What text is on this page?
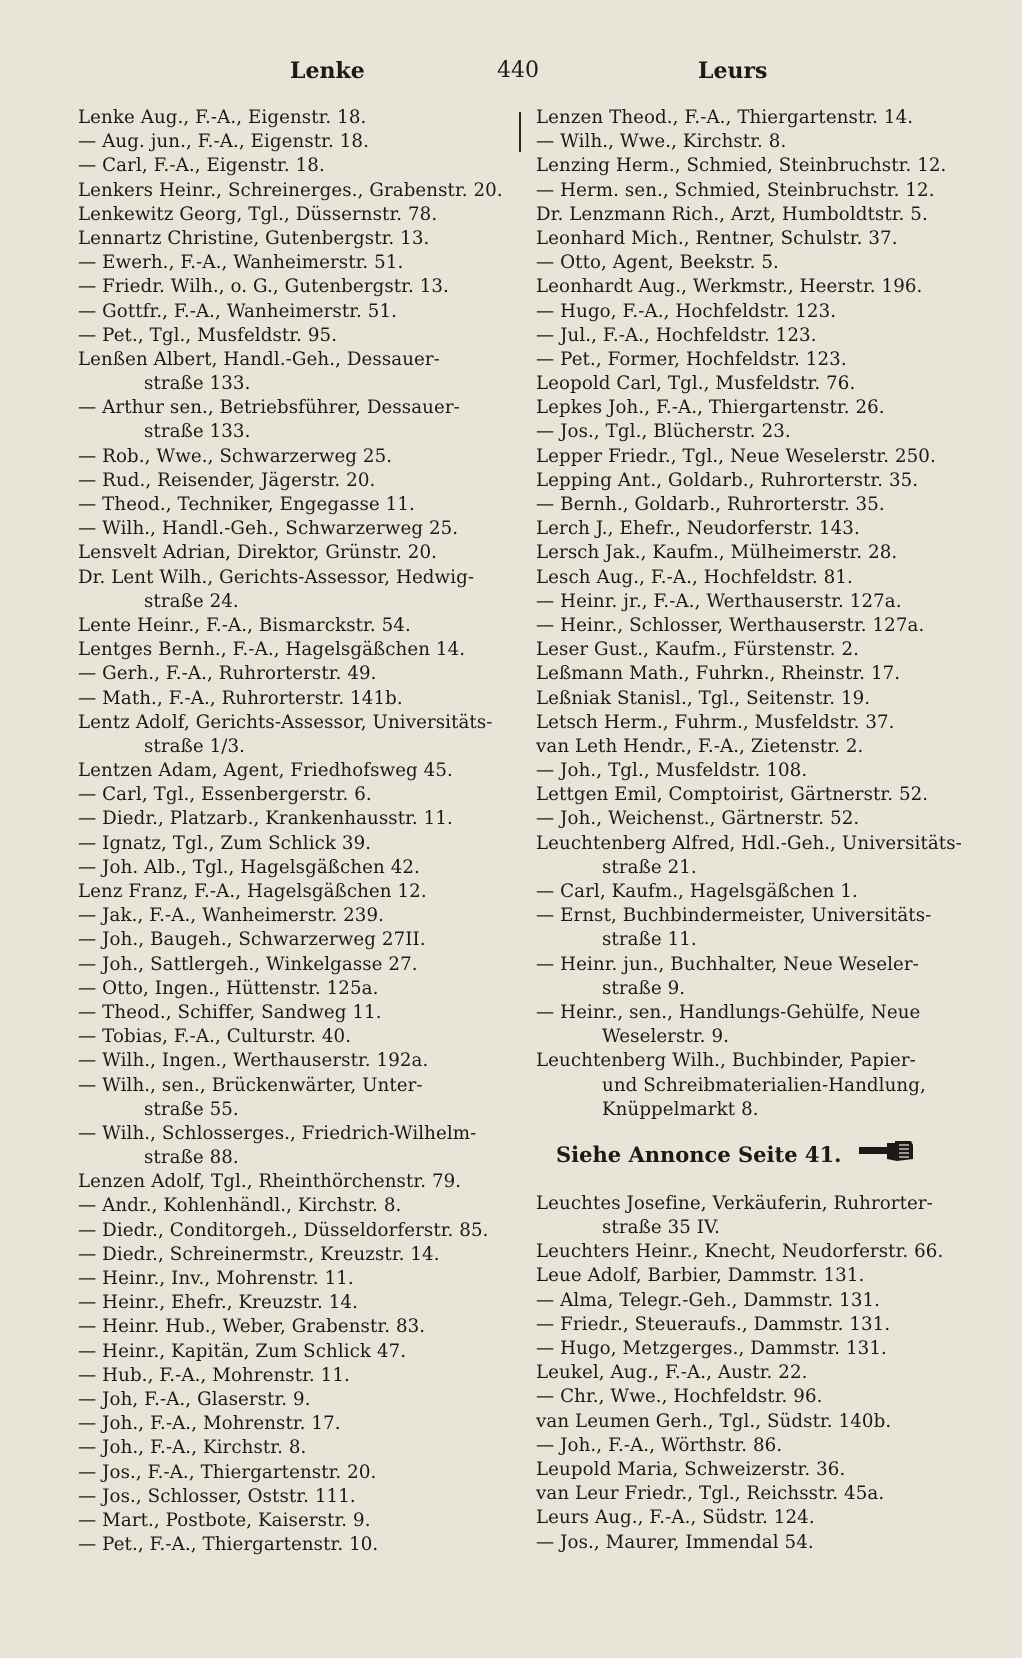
Lenke	440	Leurs
Lenke Aug., F.-A., Eigenstr. 18.
— Aug. jun., F.-A., Eigenstr. 18.
— Carl, F.-A., Eigenstr. 18.
Lenkers Heinr., Schreinerges., Grabenstr. 20.
Lenkewitz Georg, Tgl., Düssernstr. 78.
Lennartz Christine, Gutenbergstr. 13.
— Ewerh., F.-A., Wanheimerstr. 51.
— Friedr. Wilh., o. G., Gutenbergstr. 13.
— Gottfr., F.-A., Wanheimerstr. 51.
— Pet., Tgl., Musfeldstr. 95.
Lenßen Albert, Handl.-Geh., Dessauer-
straße 133.
— Arthur sen., Betriebsführer, Dessauer-
straße 133.
— Rob., Wwe., Schwarzerweg 25.
— Rud., Reisender, Jägerstr. 20.
— Theod., Techniker, Engegasse 11.
— Wilh., Handl.-Geh., Schwarzerweg 25.
Lensvelt Adrian, Direktor, Grünstr. 20.
Dr. Lent Wilh., Gerichts-Assessor, Hedwig-
straße 24.
Lente Heinr., F.-A., Bismarckstr. 54.
Lentges Bernh., F.-A., Hagelsgäßchen 14.
— Gerh., F.-A., Ruhrorterstr. 49.
— Math., F.-A., Ruhrorterstr. 141b.
Lentz Adolf, Gerichts-Assessor, Universitäts-
straße 1/3.
Lentzen Adam, Agent, Friedhofsweg 45.
— Carl, Tgl., Essenbergerstr. 6.
— Diedr., Platzarb., Krankenhausstr. 11.
— Ignatz, Tgl., Zum Schlick 39.
— Joh. Alb., Tgl., Hagelsgäßchen 42.
Lenz Franz, F.-A., Hagelsgäßchen 12.
— Jak., F.-A., Wanheimerstr. 239.
— Joh., Baugeh., Schwarzerweg 27II.
— Joh., Sattlergeh., Winkelgasse 27.
— Otto, Ingen., Hüttenstr. 125a.
— Theod., Schiffer, Sandweg 11.
— Tobias, F.-A., Culturstr. 40.
— Wilh., Ingen., Werthauserstr. 192a.
— Wilh., sen., Brückenwärter, Unter-
straße 55.
— Wilh., Schlosserges., Friedrich-Wilhelm-
straße 88.
Lenzen Adolf, Tgl., Rheinthörchenstr. 79.
— Andr., Kohlenhändl., Kirchstr. 8.
— Diedr., Conditorgeh., Düsseldorferstr. 85.
— Diedr., Schreinermstr., Kreuzstr. 14.
— Heinr., Inv., Mohrenstr. 11.
— Heinr., Ehefr., Kreuzstr. 14.
— Heinr. Hub., Weber, Grabenstr. 83.
— Heinr., Kapitän, Zum Schlick 47.
— Hub., F.-A., Mohrenstr. 11.
— Joh, F.-A., Glaserstr. 9.
— Joh., F.-A., Mohrenstr. 17.
— Joh., F.-A., Kirchstr. 8.
— Jos., F.-A., Thiergartenstr. 20.
— Jos., Schlosser, Oststr. 111.
— Mart., Postbote, Kaiserstr. 9.
— Pet., F.-A., Thiergartenstr. 10.
Lenzen Theod., F.-A., Thiergartenstr. 14.
— Wilh., Wwe., Kirchstr. 8.
Lenzing Herm., Schmied, Steinbruchstr. 12.
— Herm. sen., Schmied, Steinbruchstr. 12.
Dr. Lenzmann Rich., Arzt, Humboldtstr. 5.
Leonhard Mich., Rentner, Schulstr. 37.
— Otto, Agent, Beekstr. 5.
Leonhardt Aug., Werkmstr., Heerstr. 196.
— Hugo, F.-A., Hochfeldstr. 123.
— Jul., F.-A., Hochfeldstr. 123.
— Pet., Former, Hochfeldstr. 123.
Leopold Carl, Tgl., Musfeldstr. 76.
Lepkes Joh., F.-A., Thiergartenstr. 26.
— Jos., Tgl., Blücherstr. 23.
Lepper Friedr., Tgl., Neue Weselerstr. 250.
Lepping Ant., Goldarb., Ruhrorterstr. 35.
— Bernh., Goldarb., Ruhrorterstr. 35.
Lerch J., Ehefr., Neudorferstr. 143.
Lersch Jak., Kaufm., Mülheimerstr. 28.
Lesch Aug., F.-A., Hochfeldstr. 81.
— Heinr. jr., F.-A., Werthauserstr. 127a.
— Heinr., Schlosser, Werthauserstr. 127a.
Leser Gust., Kaufm., Fürstenstr. 2.
Leßmann Math., Fuhrkn., Rheinstr. 17.
Leßniak Stanisl., Tgl., Seitenstr. 19.
Letsch Herm., Fuhrm., Musfeldstr. 37.
van Leth Hendr., F.-A., Zietenstr. 2.
— Joh., Tgl., Musfeldstr. 108.
Lettgen Emil, Comptoirist, Gärtnerstr. 52.
— Joh., Weichenst., Gärtnerstr. 52.
Leuchtenberg Alfred, Hdl.-Geh., Universitäts-
straße 21.
— Carl, Kaufm., Hagelsgäßchen 1.
— Ernst, Buchbindermeister, Universitäts-
straße 11.
— Heinr. jun., Buchhalter, Neue Weseler-
straße 9.
— Heinr., sen., Handlungs-Gehülfe, Neue
Weselerstr. 9.
Leuchtenberg Wilh., Buchbinder, Papier-
und Schreibmaterialien-Handlung,
Knüppelmarkt 8.
Siehe Annonce Seite 41.
Leuchtes Josefine, Verkäuferin, Ruhrorter-
straße 35 IV.
Leuchters Heinr., Knecht, Neudorferstr. 66.
Leue Adolf, Barbier, Dammstr. 131.
— Alma, Telegr.-Geh., Dammstr. 131.
— Friedr., Steueraufs., Dammstr. 131.
— Hugo, Metzgerges., Dammstr. 131.
Leukel, Aug., F.-A., Austr. 22.
— Chr., Wwe., Hochfeldstr. 96.
van Leumen Gerh., Tgl., Südstr. 140b.
— Joh., F.-A., Wörthstr. 86.
Leupold Maria, Schweizerstr. 36.
van Leur Friedr., Tgl., Reichsstr. 45a.
Leurs Aug., F.-A., Südstr. 124.
— Jos., Maurer, Immendal 54.
